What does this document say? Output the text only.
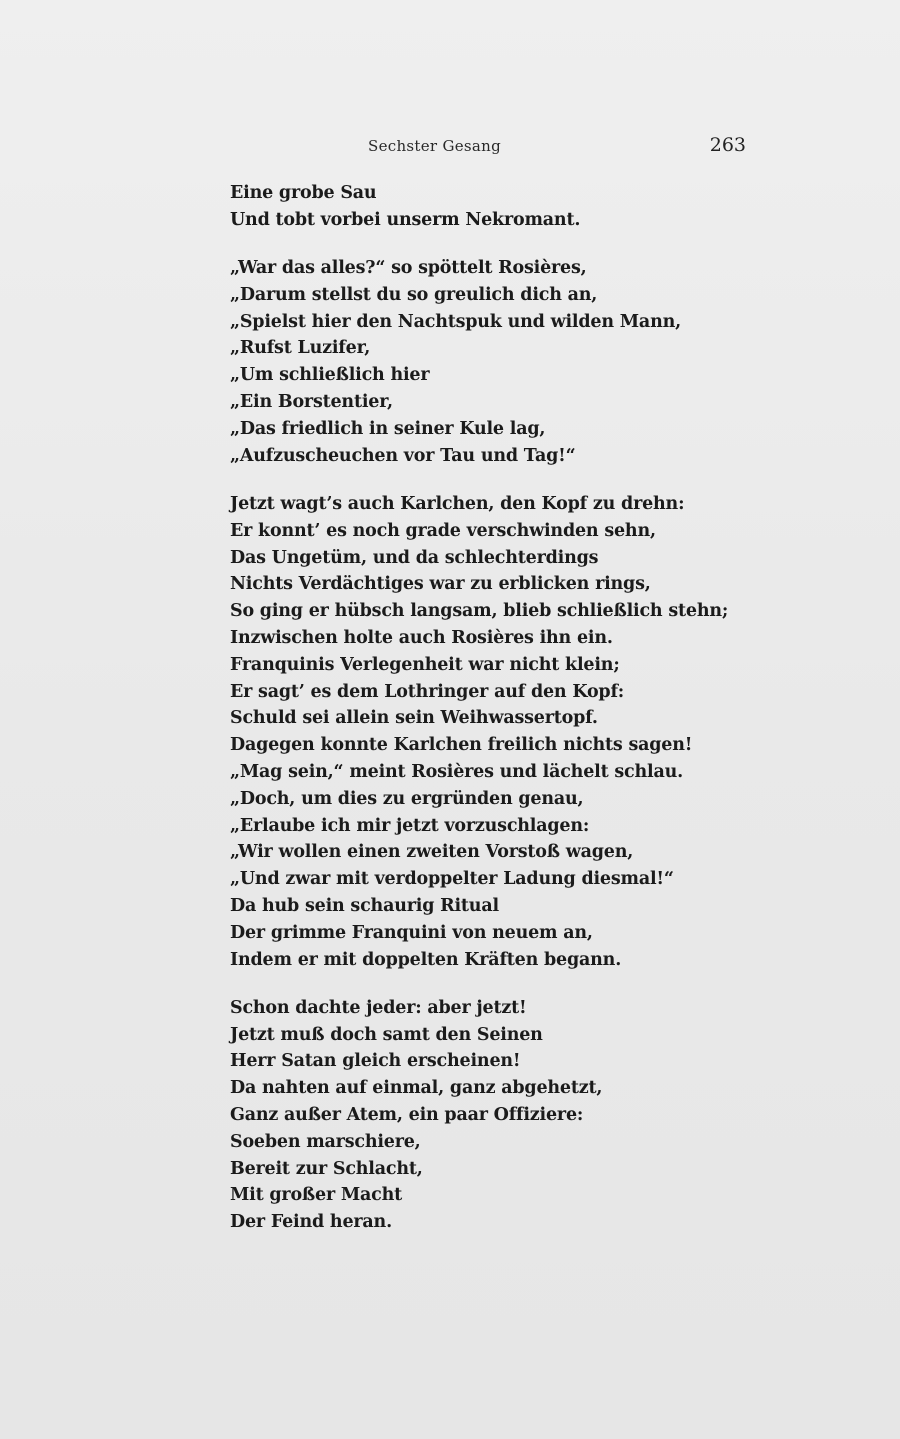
Sechster Gesang	263
Eine grobe Sau
Und tobt vorbei unserm Nekromant.
„War das alles?“ so spöttelt Rosières,
„Darum stellst du so greulich dich an,
„Spielst hier den Nachtspuk und wilden Mann,
„Rufst Luzifer,
„Um schließlich hier
„Ein Borstentier,
„Das friedlich in seiner Kule lag,
„Aufzuscheuchen vor Tau und Tag!“
Jetzt wagt’s auch Karlchen, den Kopf zu drehn:
Er konnt’ es noch grade verschwinden sehn,
Das Ungetüm, und da schlechterdings
Nichts Verdächtiges war zu erblicken rings,
So ging er hübsch langsam, blieb schließlich stehn;
Inzwischen holte auch Rosières ihn ein.
Franquinis Verlegenheit war nicht klein;
Er sagt’ es dem Lothringer auf den Kopf:
Schuld sei allein sein Weihwassertopf.
Dagegen konnte Karlchen freilich nichts sagen!
„Mag sein,“ meint Rosières und lächelt schlau.
„Doch, um dies zu ergründen genau,
„Erlaube ich mir jetzt vorzuschlagen:
„Wir wollen einen zweiten Vorstoß wagen,
„Und zwar mit verdoppelter Ladung diesmal!“
Da hub sein schaurig Ritual
Der grimme Franquini von neuem an,
Indem er mit doppelten Kräften begann.
Schon dachte jeder: aber jetzt!
Jetzt muß doch samt den Seinen
Herr Satan gleich erscheinen!
Da nahten auf einmal, ganz abgehetzt,
Ganz außer Atem, ein paar Offiziere:
Soeben marschiere,
Bereit zur Schlacht,
Mit großer Macht
Der Feind heran.
